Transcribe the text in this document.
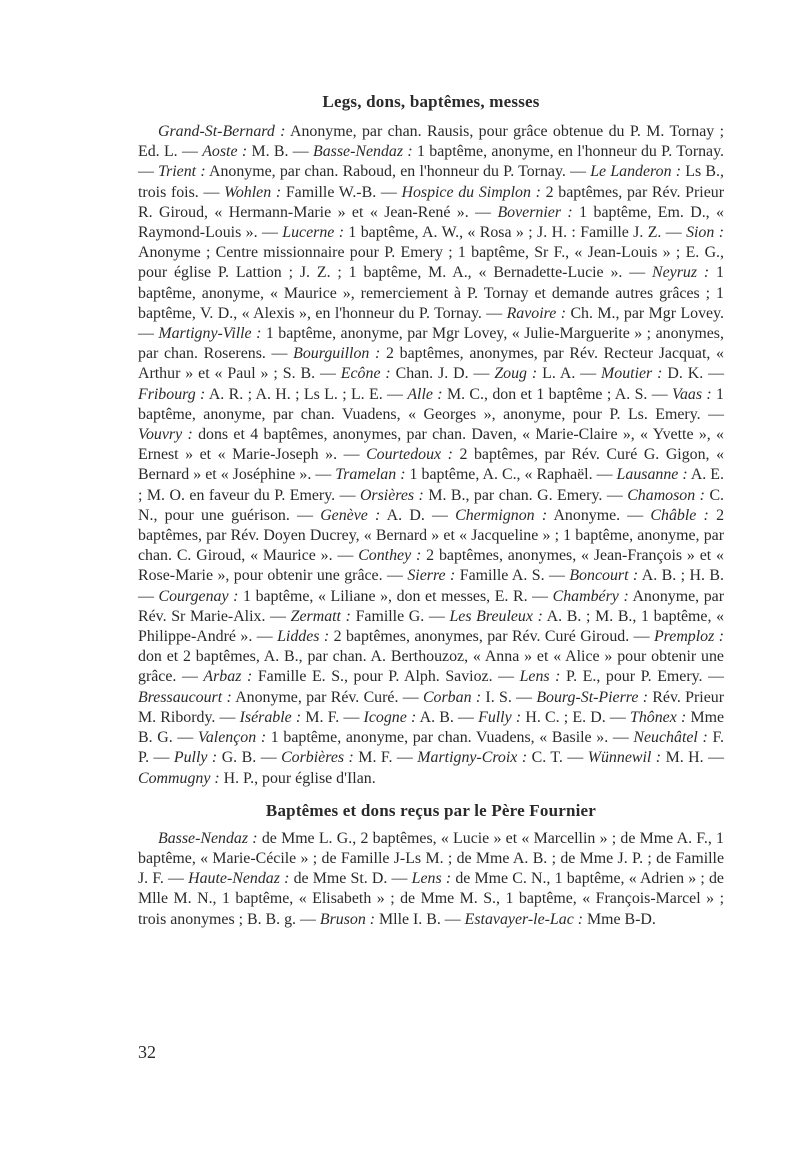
Legs, dons, baptêmes, messes

Grand-St-Bernard : Anonyme, par chan. Rausis, pour grâce obtenue du P. M. Tornay ; Ed. L. — Aoste : M. B. — Basse-Nendaz : 1 baptême, anonyme, en l'honneur du P. Tornay. — Trient : Anonyme, par chan. Raboud, en l'honneur du P. Tornay. — Le Landeron : Ls B., trois fois. — Wohlen : Famille W.-B. — Hospice du Simplon : 2 baptêmes, par Rév. Prieur R. Giroud, « Hermann-Marie » et « Jean-René ». — Bovernier : 1 baptême, Em. D., « Raymond-Louis ». — Lucerne : 1 baptême, A. W., « Rosa » ; J. H. : Famille J. Z. — Sion : Anonyme ; Centre missionnaire pour P. Emery ; 1 baptême, Sr F., « Jean-Louis » ; E. G., pour église P. Lattion ; J. Z. ; 1 baptême, M. A., « Bernadette-Lucie ». — Neyruz : 1 baptême, anonyme, « Maurice », remerciement à P. Tornay et demande autres grâces ; 1 baptême, V. D., « Alexis », en l'honneur du P. Tornay. — Ravoire : Ch. M., par Mgr Lovey. — Martigny-Ville : 1 baptême, anonyme, par Mgr Lovey, « Julie-Marguerite » ; anonymes, par chan. Roserens. — Bourguillon : 2 baptêmes, anonymes, par Rév. Recteur Jacquat, « Arthur » et « Paul » ; S. B. — Ecône : Chan. J. D. — Zoug : L. A. — Moutier : D. K. — Fribourg : A. R. ; A. H. ; Ls L. ; L. E. — Alle : M. C., don et 1 baptême ; A. S. — Vaas : 1 baptême, anonyme, par chan. Vuadens, « Georges », anonyme, pour P. Ls. Emery. — Vouvry : dons et 4 baptêmes, anonymes, par chan. Daven, « Marie-Claire », « Yvette », « Ernest » et « Marie-Joseph ». — Courtedoux : 2 baptêmes, par Rév. Curé G. Gigon, « Bernard » et « Joséphine ». — Tramelan : 1 baptême, A. C., « Raphaël. — Lausanne : A. E. ; M. O. en faveur du P. Emery. — Orsières : M. B., par chan. G. Emery. — Chamoson : C. N., pour une guérison. — Genève : A. D. — Chermignon : Anonyme. — Châble : 2 baptêmes, par Rév. Doyen Ducrey, « Bernard » et « Jacqueline » ; 1 baptême, anonyme, par chan. C. Giroud, « Maurice ». — Conthey : 2 baptêmes, anonymes, « Jean-François » et « Rose-Marie », pour obtenir une grâce. — Sierre : Famille A. S. — Boncourt : A. B. ; H. B. — Courgenay : 1 baptême, « Liliane », don et messes, E. R. — Chambéry : Anonyme, par Rév. Sr Marie-Alix. — Zermatt : Famille G. — Les Breuleux : A. B. ; M. B., 1 baptême, « Philippe-André ». — Liddes : 2 baptêmes, anonymes, par Rév. Curé Giroud. — Premploz : don et 2 baptêmes, A. B., par chan. A. Berthouzoz, « Anna » et « Alice » pour obtenir une grâce. — Arbaz : Famille E. S., pour P. Alph. Savioz. — Lens : P. E., pour P. Emery. — Bressaucourt : Anonyme, par Rév. Curé. — Corban : I. S. — Bourg-St-Pierre : Rév. Prieur M. Ribordy. — Isérable : M. F. — Icogne : A. B. — Fully : H. C. ; E. D. — Thônex : Mme B. G. — Valençon : 1 baptême, anonyme, par chan. Vuadens, « Basile ». — Neuchâtel : F. P. — Pully : G. B. — Corbières : M. F. — Martigny-Croix : C. T. — Wünnewil : M. H. — Commugny : H. P., pour église d'Ilan.

Baptêmes et dons reçus par le Père Fournier

Basse-Nendaz : de Mme L. G., 2 baptêmes, « Lucie » et « Marcellin » ; de Mme A. F., 1 baptême, « Marie-Cécile » ; de Famille J-Ls M. ; de Mme A. B. ; de Mme J. P. ; de Famille J. F. — Haute-Nendaz : de Mme St. D. — Lens : de Mme C. N., 1 baptême, « Adrien » ; de Mlle M. N., 1 baptême, « Elisabeth » ; de Mme M. S., 1 baptême, « François-Marcel » ; trois anonymes ; B. B. g. — Bruson : Mlle I. B. — Estavayer-le-Lac : Mme B-D.

32
